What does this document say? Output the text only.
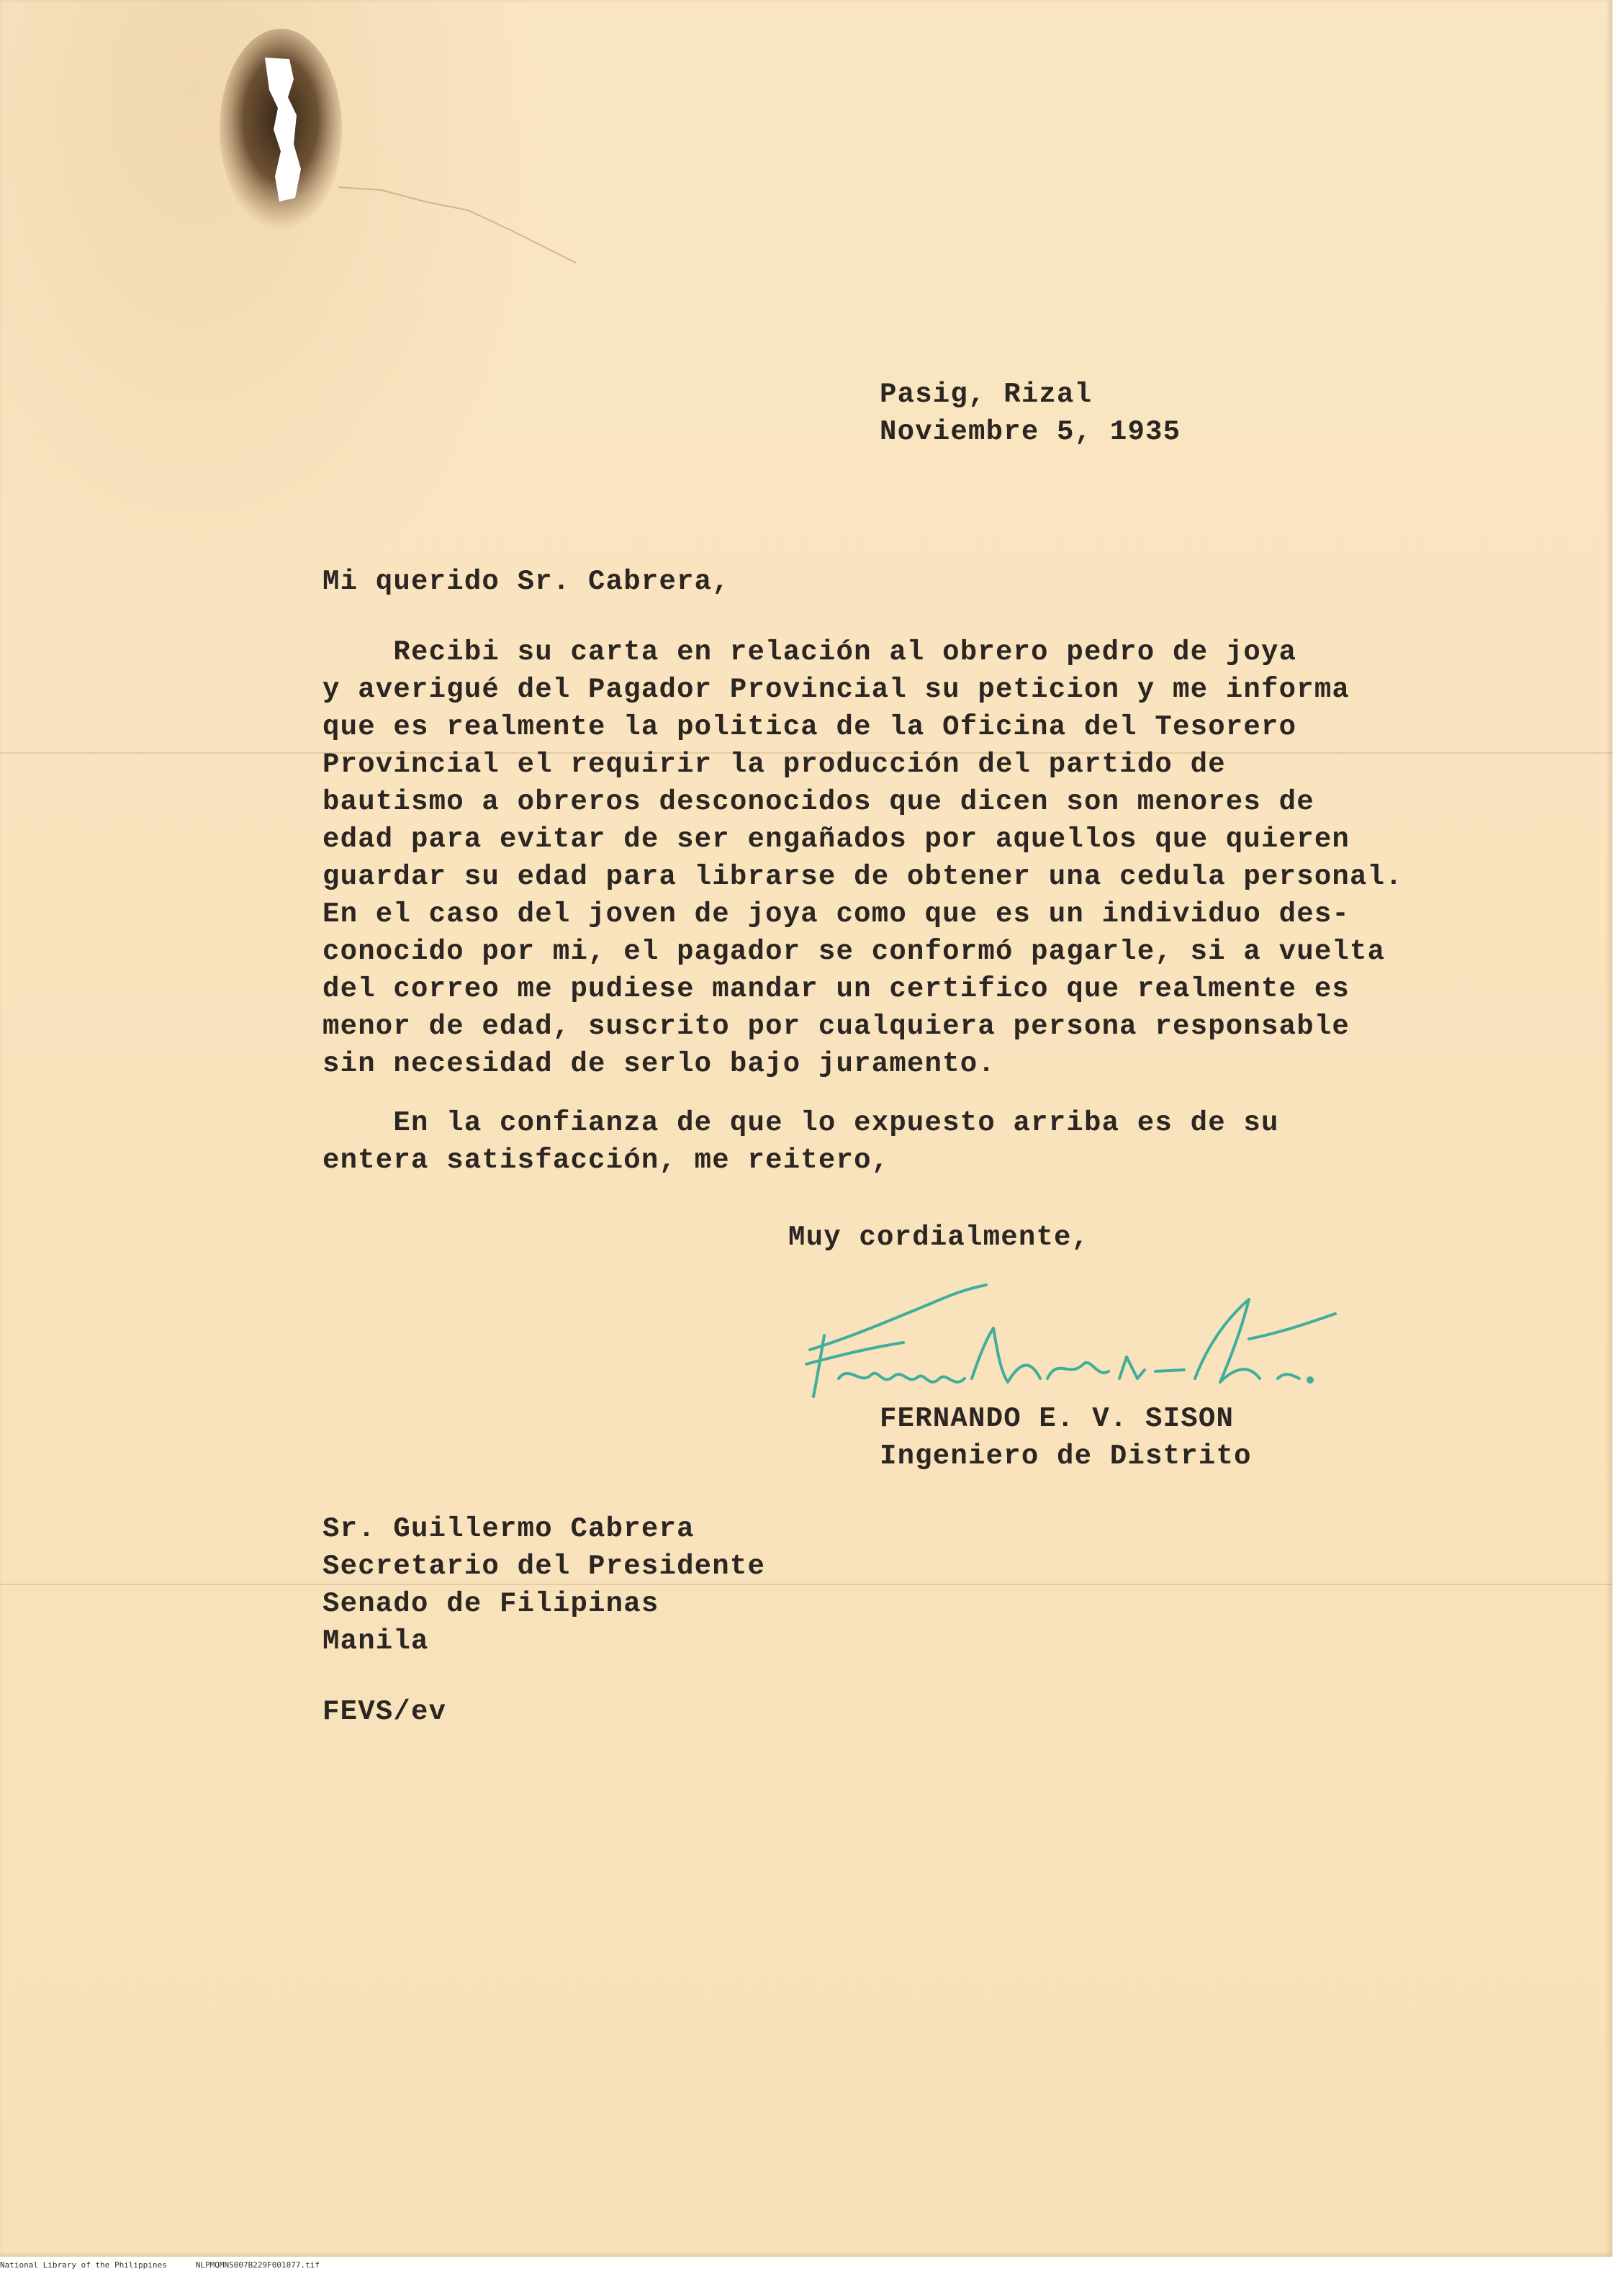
Pasig, Rizal
Noviembre 5, 1935
Mi querido Sr. Cabrera,
Recibi su carta en relación al obrero pedro de joya
y averigué del Pagador Provincial su peticion y me informa
que es realmente la politica de la Oficina del Tesorero
Provincial el requirir la producción del partido de
bautismo a obreros desconocidos que dicen son menores de
edad para evitar de ser engañados por aquellos que quieren
guardar su edad para librarse de obtener una cedula personal.
En el caso del joven de joya como que es un individuo des-
conocido por mi, el pagador se conformó pagarle, si a vuelta
del correo me pudiese mandar un certifico que realmente es
menor de edad, suscrito por cualquiera persona responsable
sin necesidad de serlo bajo juramento.
En la confianza de que lo expuesto arriba es de su
entera satisfacción, me reitero,
Muy cordialmente,
FERNANDO E. V. SISON
Ingeniero de Distrito
Sr. Guillermo Cabrera
Secretario del Presidente
Senado de Filipinas
Manila
FEVS/ev
National Library of the Philippines	NLPMQMNS007B229F001077.tif
